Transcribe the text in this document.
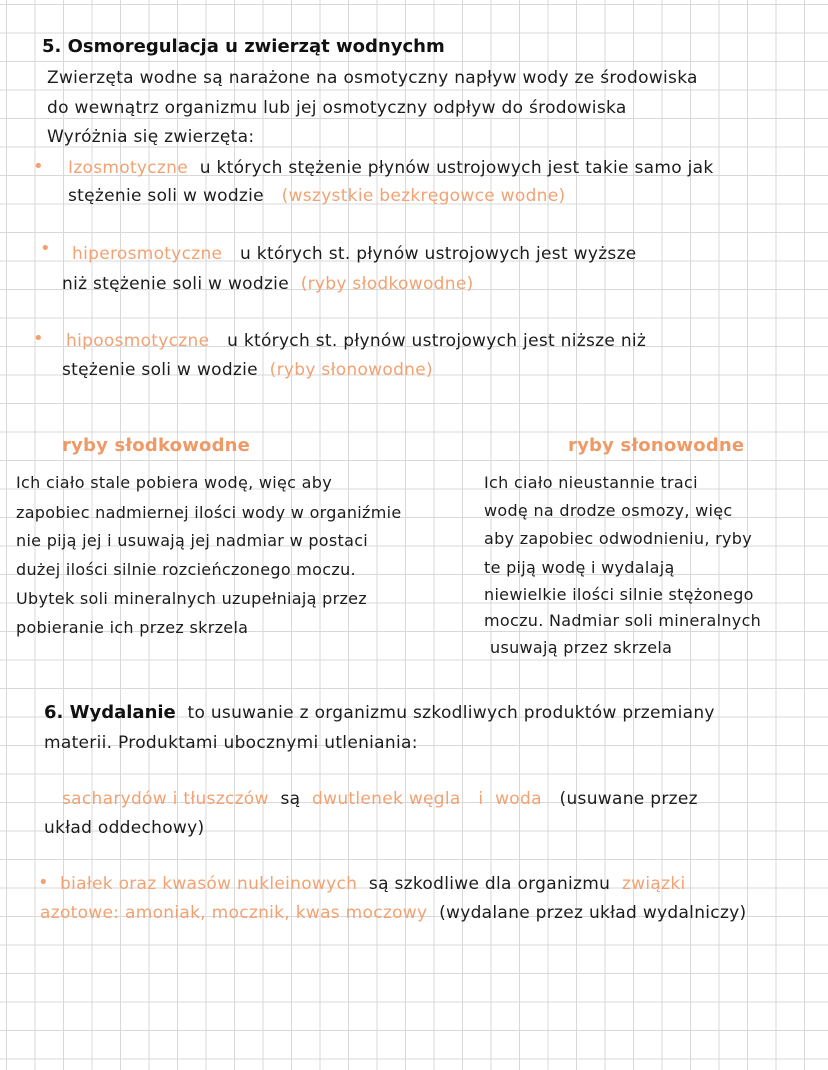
5. Osmoregulacja u zwierząt wodnychm
Zwierzęta wodne są narażone na osmotyczny napływ wody ze środowiska
do wewnątrz organizmu lub jej osmotyczny odpływ do środowiska
Wyróżnia się zwierzęta:
• Izosmotyczne u których stężenie płynów ustrojowych jest takie samo jak
stężenie soli w wodzie (wszystkie bezkręgowce wodne)
• hiperosmotyczne u których st. płynów ustrojowych jest wyższe
niż stężenie soli w wodzie (ryby słodkowodne)
• hipoosmotyczne u których st. płynów ustrojowych jest niższe niż
stężenie soli w wodzie (ryby słonowodne)
ryby słodkowodne
Ich ciało stale pobiera wodę, więc aby
zapobiec nadmiernej ilości wody w organiźmie
nie piją jej i usuwają jej nadmiar w postaci
dużej ilości silnie rozcieńczonego moczu.
Ubytek soli mineralnych uzupełniają przez
pobieranie ich przez skrzela
ryby słonowodne
Ich ciało nieustannie traci
wodę na drodze osmozy, więc
aby zapobiec odwodnieniu, ryby
te piją wodę i wydalają
niewielkie ilości silnie stężonego
moczu. Nadmiar soli mineralnych
usuwają przez skrzela
6. Wydalanie to usuwanie z organizmu szkodliwych produktów przemiany
materii. Produktami ubocznymi utleniania:
sacharydów i tłuszczów są dwutlenek węgla i woda (usuwane przez
układ oddechowy)
• białek oraz kwasów nukleinowych są szkodliwe dla organizmu związki
azotowe: amoniak, mocznik, kwas moczowy (wydalane przez układ wydalniczy)
